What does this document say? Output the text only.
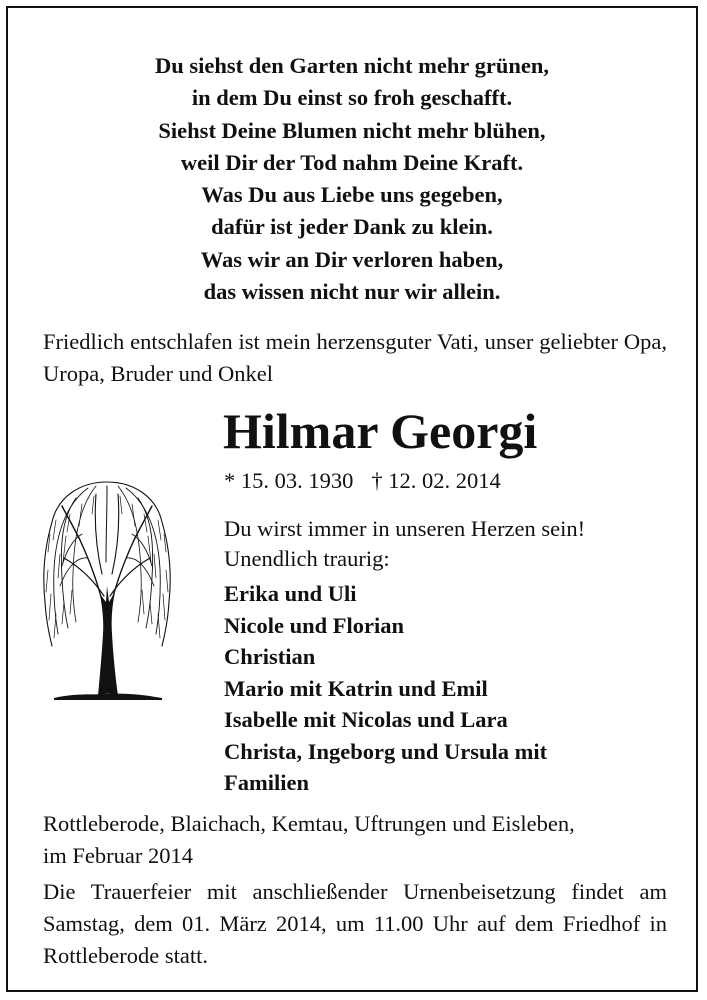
Du siehst den Garten nicht mehr grünen,
in dem Du einst so froh geschafft.
Siehst Deine Blumen nicht mehr blühen,
weil Dir der Tod nahm Deine Kraft.
Was Du aus Liebe uns gegeben,
dafür ist jeder Dank zu klein.
Was wir an Dir verloren haben,
das wissen nicht nur wir allein.
Friedlich entschlafen ist mein herzensguter Vati, unser geliebter Opa, Uropa, Bruder und Onkel
Hilmar Georgi
* 15. 03. 1930 † 12. 02. 2014
Du wirst immer in unseren Herzen sein!
Unendlich traurig:
Erika und Uli
Nicole und Florian
Christian
Mario mit Katrin und Emil
Isabelle mit Nicolas und Lara
Christa, Ingeborg und Ursula mit
Familien
Rottleberode, Blaichach, Kemtau, Uftrungen und Eisleben, im Februar 2014
Die Trauerfeier mit anschließender Urnenbeisetzung findet am Samstag, dem 01. März 2014, um 11.00 Uhr auf dem Friedhof in Rottleberode statt.
